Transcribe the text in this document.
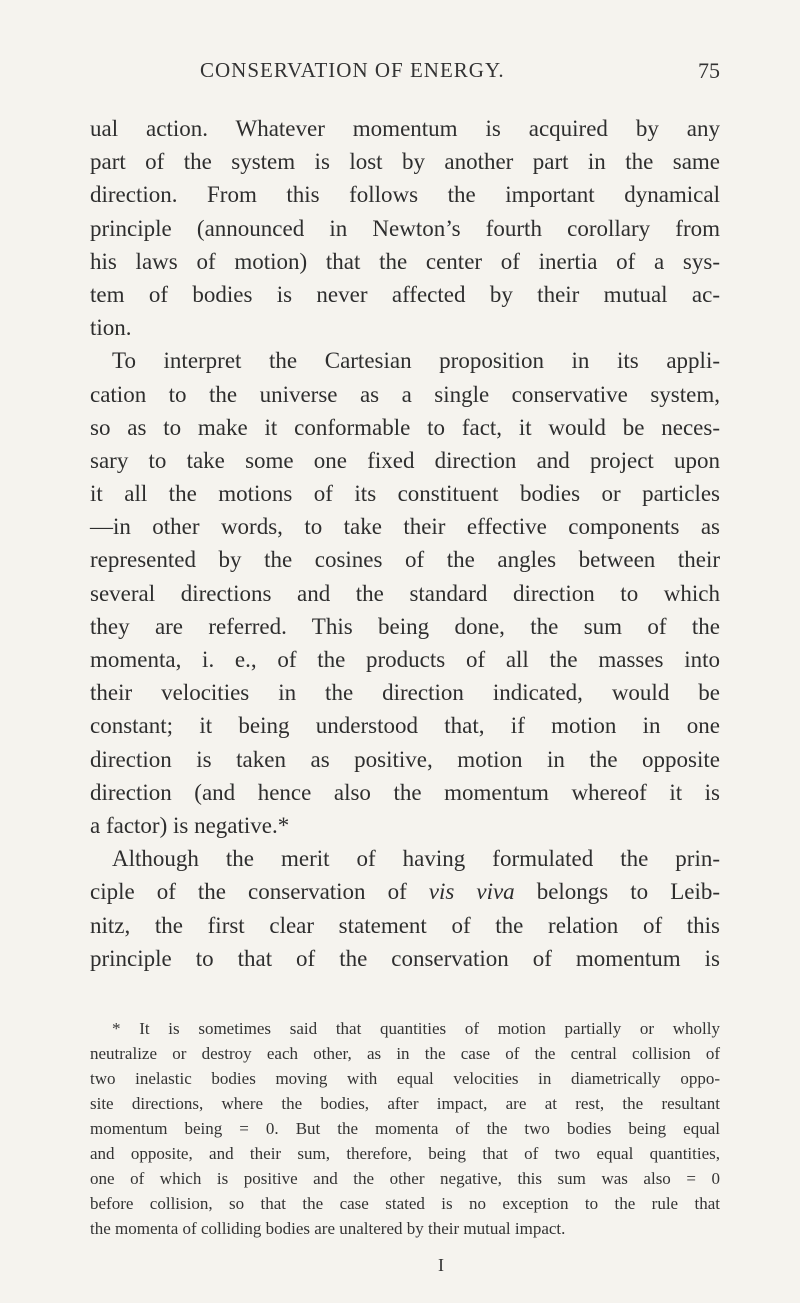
CONSERVATION OF ENERGY.	75
ual action. Whatever momentum is acquired by any
part of the system is lost by another part in the same
direction. From this follows the important dynamical
principle (announced in Newton’s fourth corollary from
his laws of motion) that the center of inertia of a sys-
tem of bodies is never affected by their mutual ac-
tion.
To interpret the Cartesian proposition in its appli-
cation to the universe as a single conservative system,
so as to make it conformable to fact, it would be neces-
sary to take some one fixed direction and project upon
it all the motions of its constituent bodies or particles
—in other words, to take their effective components as
represented by the cosines of the angles between their
several directions and the standard direction to which
they are referred. This being done, the sum of the
momenta, i. e., of the products of all the masses into
their velocities in the direction indicated, would be
constant; it being understood that, if motion in one
direction is taken as positive, motion in the opposite
direction (and hence also the momentum whereof it is
a factor) is negative.*
Although the merit of having formulated the prin-
ciple of the conservation of vis viva belongs to Leib-
nitz, the first clear statement of the relation of this
principle to that of the conservation of momentum is
* It is sometimes said that quantities of motion partially or wholly
neutralize or destroy each other, as in the case of the central collision of
two inelastic bodies moving with equal velocities in diametrically oppo-
site directions, where the bodies, after impact, are at rest, the resultant
momentum being = 0. But the momenta of the two bodies being equal
and opposite, and their sum, therefore, being that of two equal quantities,
one of which is positive and the other negative, this sum was also = 0
before collision, so that the case stated is no exception to the rule that
the momenta of colliding bodies are unaltered by their mutual impact.
I
